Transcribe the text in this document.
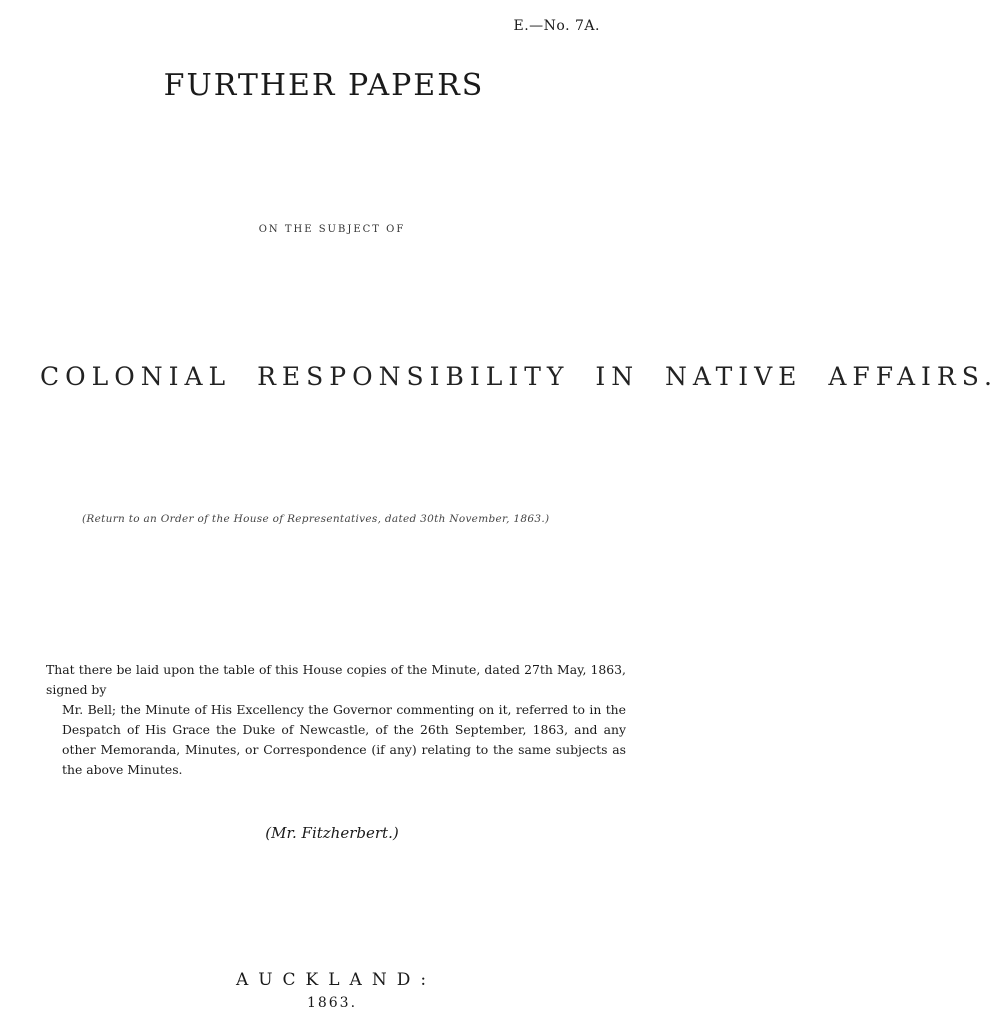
E.—No. 7A.
FURTHER PAPERS
ON THE SUBJECT OF
COLONIAL RESPONSIBILITY IN NATIVE AFFAIRS.
(Return to an Order of the House of Representatives, dated 30th November, 1863.)
That there be laid upon the table of this House copies of the Minute, dated 27th May, 1863, signed by
Mr. Bell; the Minute of His Excellency the Governor commenting on it, referred to in the Despatch of His Grace the Duke of Newcastle, of the 26th September, 1863, and any other Memoranda, Minutes, or Correspondence (if any) relating to the same subjects as the above Minutes.
(Mr. Fitzherbert.)
AUCKLAND:
1863.
